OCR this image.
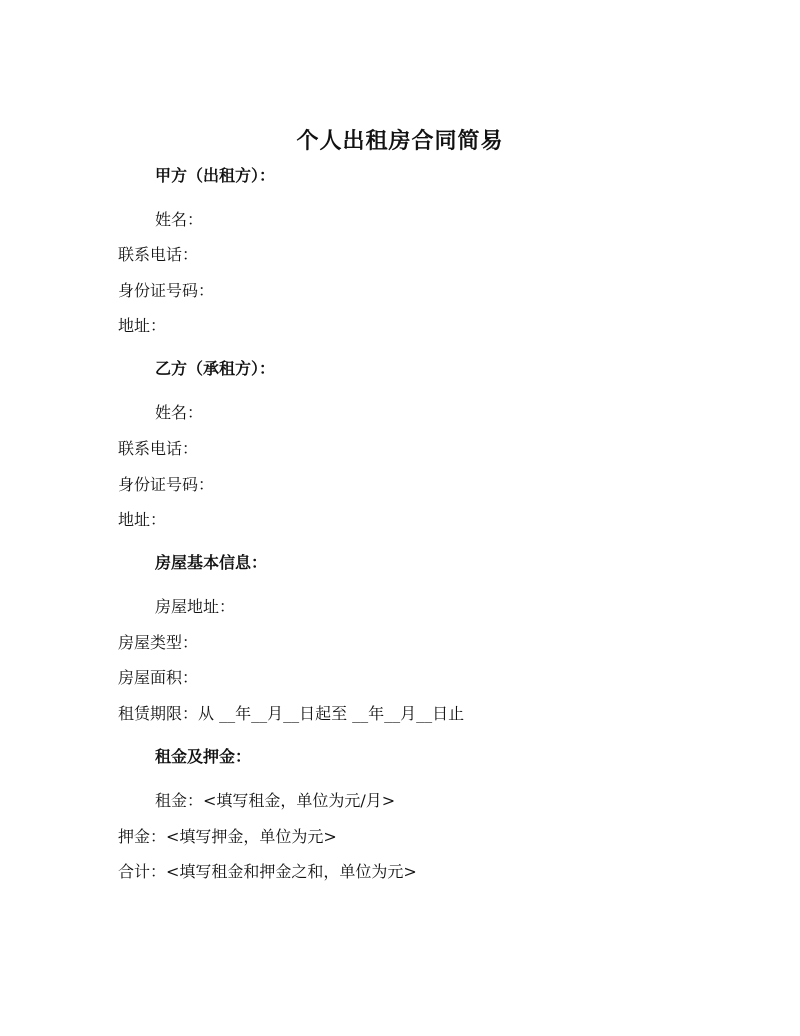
个人出租房合同简易
甲方（出租方）：
姓名：
联系电话：
身份证号码：
地址：
乙方（承租方）：
姓名：
联系电话：
身份证号码：
地址：
房屋基本信息：
房屋地址：
房屋类型：
房屋面积：
租赁期限：从 __年__月__日起至 __年__月__日止
租金及押金：
租金：<填写租金，单位为元/月>
押金：<填写押金，单位为元>
合计：<填写租金和押金之和，单位为元>
